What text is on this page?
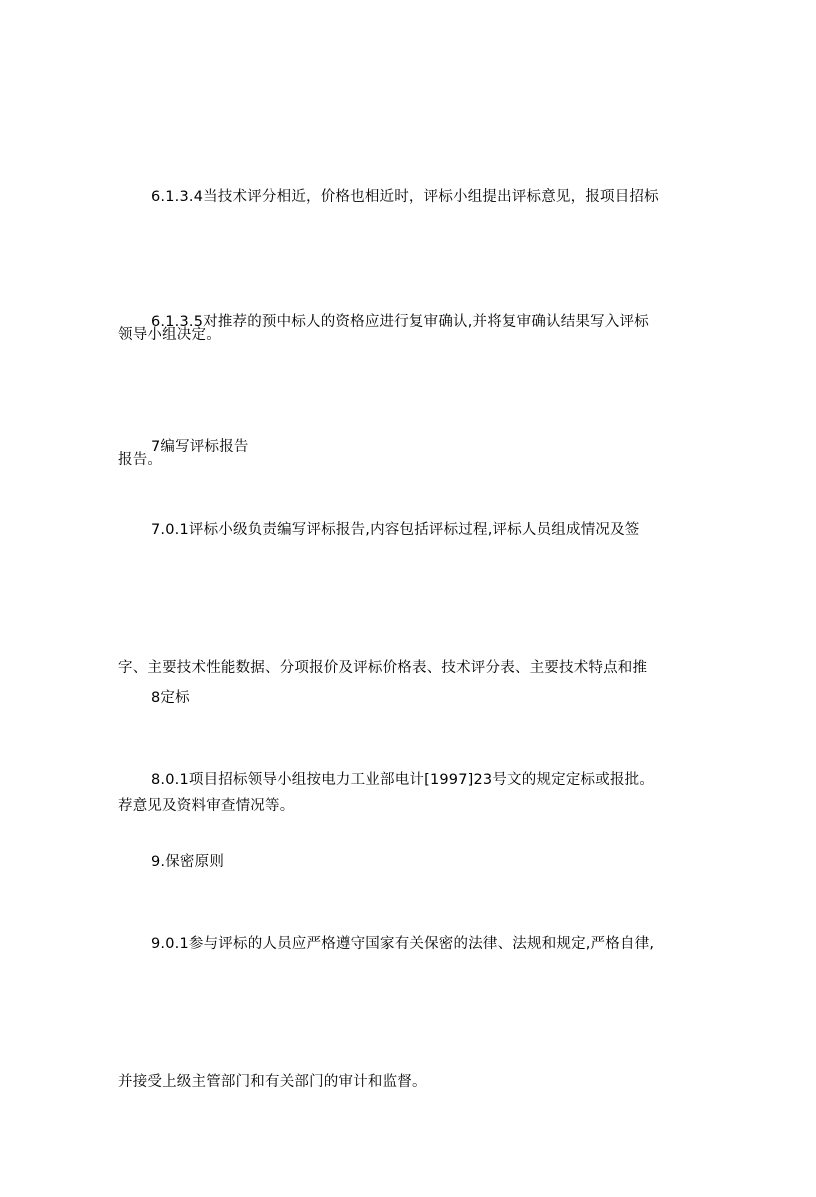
6.1.3.4当技术评分相近，价格也相近时，评标小组提出评标意见，报项目招标

领导小组决定。

6.1.3.5对推荐的预中标人的资格应进行复审确认,并将复审确认结果写入评标

报告。

7编写评标报告

7.0.1评标小级负责编写评标报告,内容包括评标过程,评标人员组成情况及签

字、主要技术性能数据、分项报价及评标价格表、技术评分表、主要技术特点和推

荐意见及资料审查情况等。

8定标

8.0.1项目招标领导小组按电力工业部电计[1997]23号文的规定定标或报批。

9.保密原则

9.0.1参与评标的人员应严格遵守国家有关保密的法律、法规和规定,严格自律,

并接受上级主管部门和有关部门的审计和监督。
